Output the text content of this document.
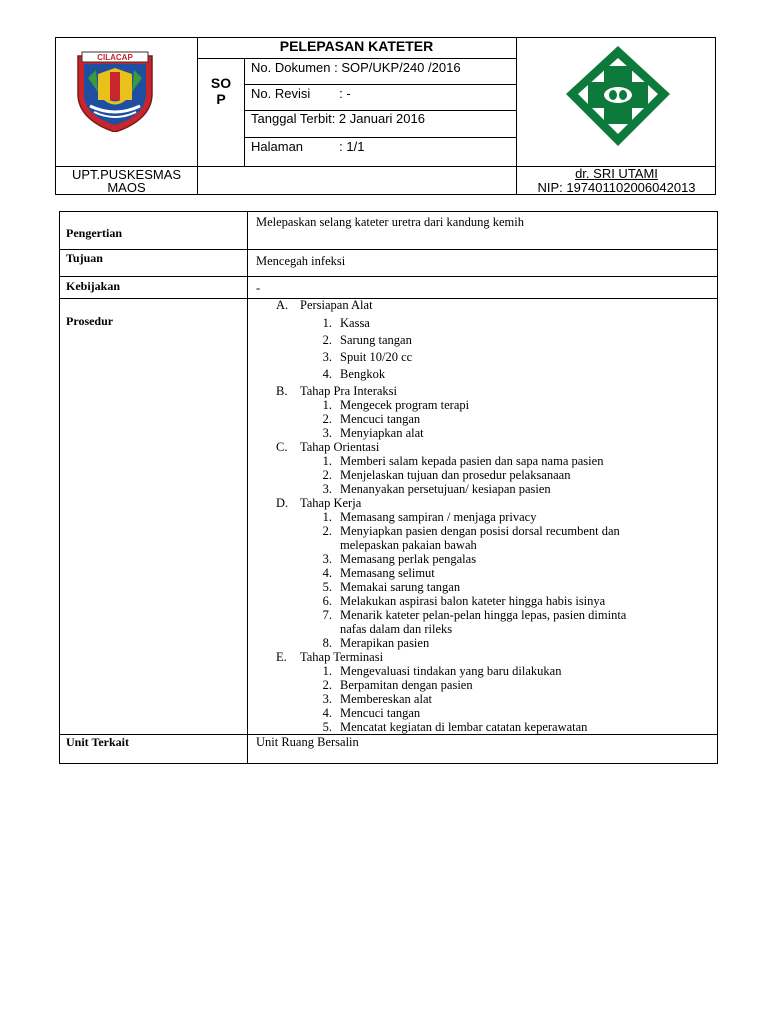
CILACAP
PELEPASAN KATETER
SO
P
No. Dokumen : SOP/UKP/240 /2016
No. Revisi        : -
Tanggal Terbit: 2 Januari 2016
Halaman          : 1/1
UPT.PUSKESMAS
MAOS
dr. SRI UTAMI
NIP: 197401102006042013
Pengertian
Tujuan
Kebijakan
Prosedur
Unit Terkait
Melepaskan selang kateter uretra dari kandung kemih
Mencegah infeksi
-
Unit Ruang Bersalin
A. Persiapan Alat
1. Kassa
2. Sarung tangan
3. Spuit 10/20 cc
4. Bengkok
B. Tahap Pra Interaksi
1. Mengecek program terapi
2. Mencuci tangan
3. Menyiapkan alat
C. Tahap Orientasi
1. Memberi salam kepada pasien dan sapa nama pasien
2. Menjelaskan tujuan dan prosedur pelaksanaan
3. Menanyakan persetujuan/ kesiapan pasien
D. Tahap Kerja
1. Memasang sampiran / menjaga privacy
2. Menyiapkan pasien dengan posisi dorsal recumbent dan
melepaskan pakaian bawah
3. Memasang perlak pengalas
4. Memasang selimut
5. Memakai sarung tangan
6. Melakukan aspirasi balon kateter hingga habis isinya
7. Menarik kateter pelan-pelan hingga lepas, pasien diminta
nafas dalam dan rileks
8. Merapikan pasien
E. Tahap Terminasi
1. Mengevaluasi tindakan yang baru dilakukan
2. Berpamitan dengan pasien
3. Membereskan alat
4. Mencuci tangan
5. Mencatat kegiatan di lembar catatan keperawatan
